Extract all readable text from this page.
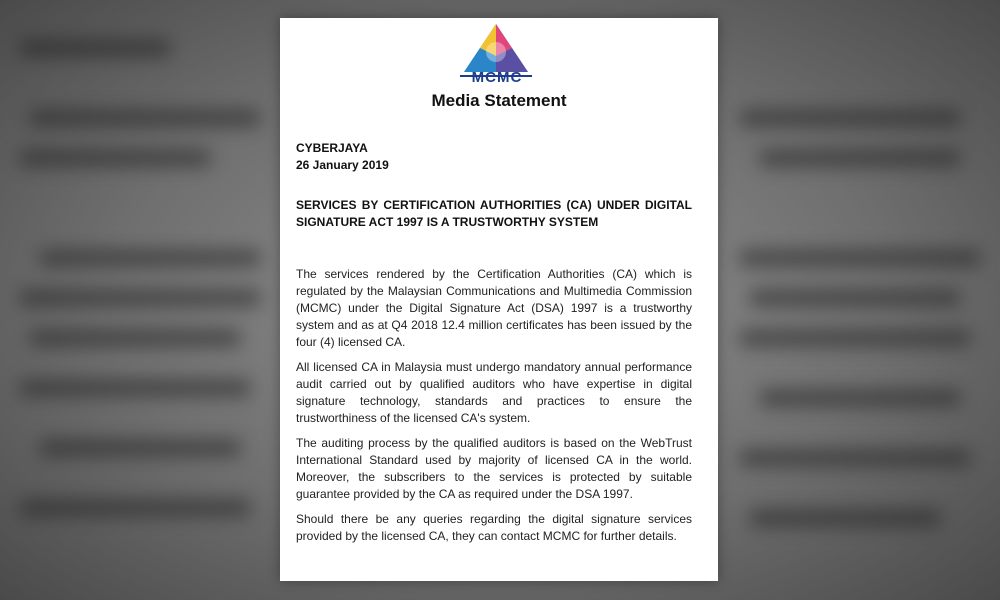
MCMC
Media Statement
CYBERJAYA
26 January 2019
SERVICES BY CERTIFICATION AUTHORITIES (CA) UNDER DIGITAL SIGNATURE ACT 1997 IS A TRUSTWORTHY SYSTEM

The services rendered by the Certification Authorities (CA) which is regulated by the Malaysian Communications and Multimedia Commission (MCMC) under the Digital Signature Act (DSA) 1997 is a trustworthy system and as at Q4 2018 12.4 million certificates has been issued by the four (4) licensed CA.

All licensed CA in Malaysia must undergo mandatory annual performance audit carried out by qualified auditors who have expertise in digital signature technology, standards and practices to ensure the trustworthiness of the licensed CA's system.

The auditing process by the qualified auditors is based on the WebTrust International Standard used by majority of licensed CA in the world. Moreover, the subscribers to the services is protected by suitable guarantee provided by the CA as required under the DSA 1997.

Should there be any queries regarding the digital signature services provided by the licensed CA, they can contact MCMC for further details.
